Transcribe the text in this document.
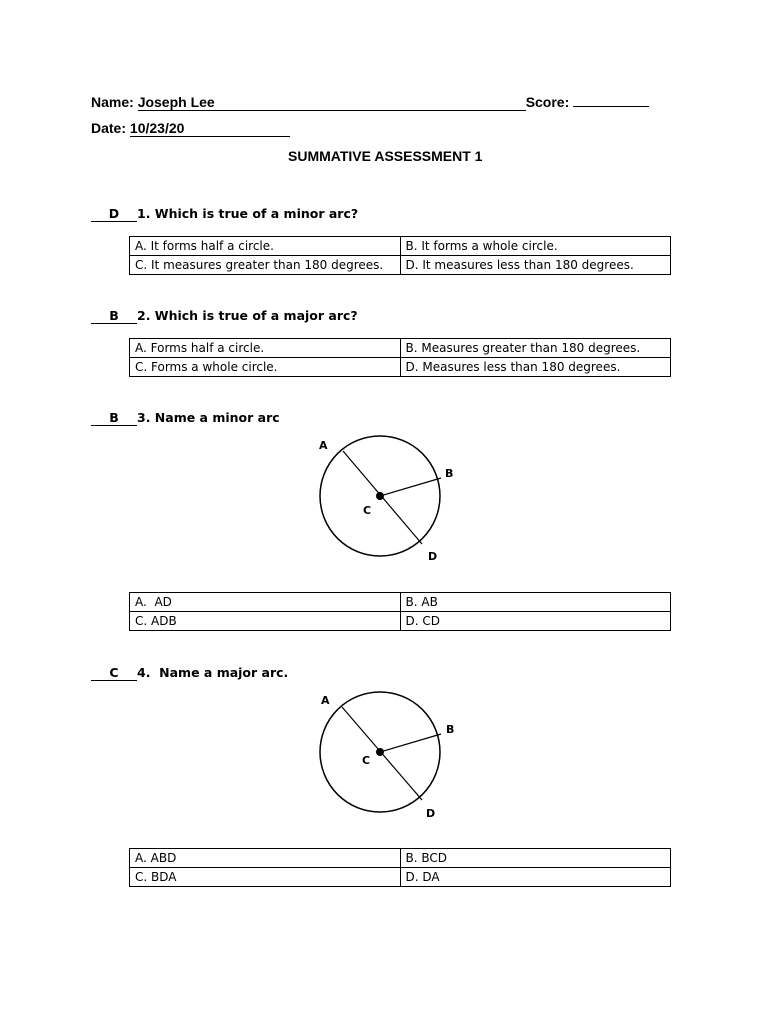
Name: Joseph Lee	Score:
Date: 10/23/20
SUMMATIVE ASSESSMENT 1
D 1. Which is true of a minor arc?
A. It forms half a circle.	B. It forms a whole circle.
C. It measures greater than 180 degrees.	D. It measures less than 180 degrees.
B 2. Which is true of a major arc?
A. Forms half a circle.	B. Measures greater than 180 degrees.
C. Forms a whole circle.	D. Measures less than 180 degrees.
B 3. Name a minor arc
A
B
C
D
A.  AD	B. AB
C. ADB	D. CD
C 4.  Name a major arc.
A
B
C
D
A. ABD	B. BCD
C. BDA	D. DA
